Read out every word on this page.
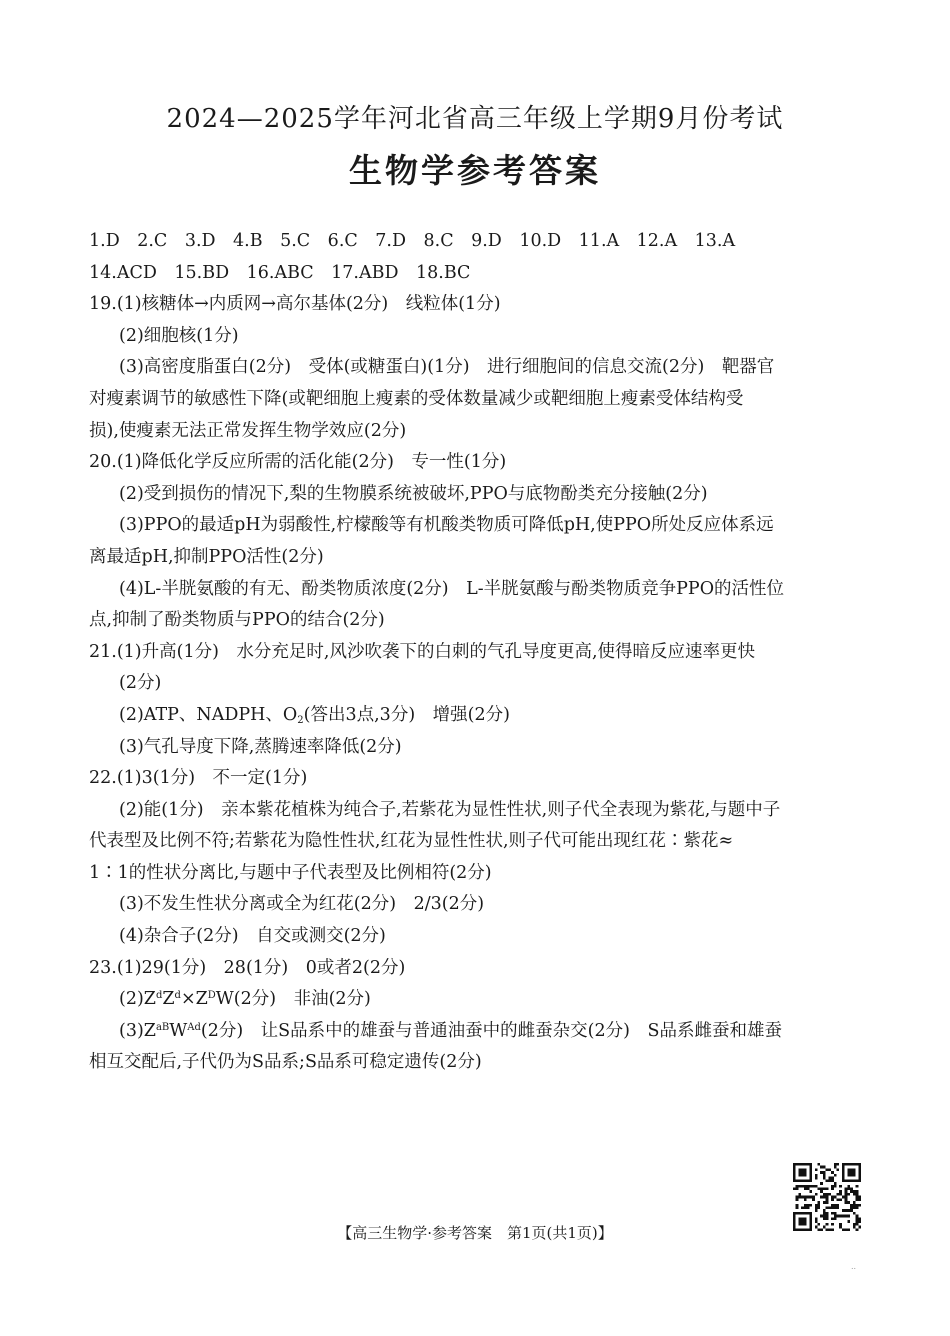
2024—2025学年河北省高三年级上学期9月份考试
生物学参考答案
1.D　2.C　3.D　4.B　5.C　6.C　7.D　8.C　9.D　10.D　11.A　12.A　13.A
14.ACD　15.BD　16.ABC　17.ABD　18.BC
19.(1)核糖体→内质网→高尔基体(2分)　线粒体(1分)
(2)细胞核(1分)
(3)高密度脂蛋白(2分)　受体(或糖蛋白)(1分)　进行细胞间的信息交流(2分)　靶器官
对瘦素调节的敏感性下降(或靶细胞上瘦素的受体数量减少或靶细胞上瘦素受体结构受
损),使瘦素无法正常发挥生物学效应(2分)
20.(1)降低化学反应所需的活化能(2分)　专一性(1分)
(2)受到损伤的情况下,梨的生物膜系统被破坏,PPO与底物酚类充分接触(2分)
(3)PPO的最适pH为弱酸性,柠檬酸等有机酸类物质可降低pH,使PPO所处反应体系远
离最适pH,抑制PPO活性(2分)
(4)L-半胱氨酸的有无、酚类物质浓度(2分)　L-半胱氨酸与酚类物质竞争PPO的活性位
点,抑制了酚类物质与PPO的结合(2分)
21.(1)升高(1分)　水分充足时,风沙吹袭下的白刺的气孔导度更高,使得暗反应速率更快
(2分)
(2)ATP、NADPH、$O_2$(答出3点,3分)　增强(2分)
(3)气孔导度下降,蒸腾速率降低(2分)
22.(1)3(1分)　不一定(1分)
(2)能(1分)　亲本紫花植株为纯合子,若紫花为显性性状,则子代全表现为紫花,与题中子
代表型及比例不符;若紫花为隐性性状,红花为显性性状,则子代可能出现红花∶紫花≈
1∶1的性状分离比,与题中子代表型及比例相符(2分)
(3)不发生性状分离或全为红花(2分)　2/3(2分)
(4)杂合子(2分)　自交或测交(2分)
23.(1)29(1分)　28(1分)　0或者2(2分)
$(2)Z^dZ^d\times Z^DW(2$分)　非油(2分)
$(3)Z^{aB}W^{Ad}(2$分)　让S品系中的雄蚕与普通油蚕中的雌蚕杂交(2分)　S品系雌蚕和雄蚕
相互交配后,子代仍为S品系;S品系可稳定遗传(2分)
【高三生物学·参考答案　第1页(共1页)】
..
